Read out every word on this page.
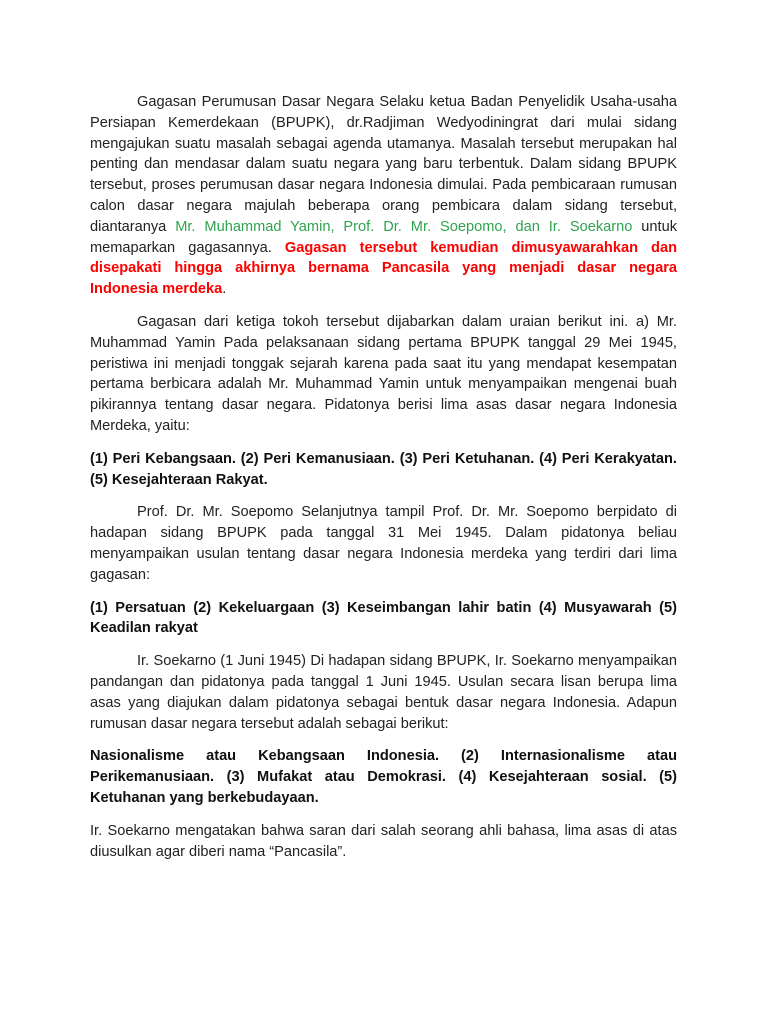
Gagasan Perumusan Dasar Negara Selaku ketua Badan Penyelidik Usaha-usaha Persiapan Kemerdekaan (BPUPK), dr.Radjiman Wedyodiningrat dari mulai sidang mengajukan suatu masalah sebagai agenda utamanya. Masalah tersebut merupakan hal penting dan mendasar dalam suatu negara yang baru terbentuk. Dalam sidang BPUPK tersebut, proses perumusan dasar negara Indonesia dimulai. Pada pembicaraan rumusan calon dasar negara majulah beberapa orang pembicara dalam sidang tersebut, diantaranya Mr. Muhammad Yamin, Prof. Dr. Mr. Soepomo, dan Ir. Soekarno untuk memaparkan gagasannya. Gagasan tersebut kemudian dimusyawarahkan dan disepakati hingga akhirnya bernama Pancasila yang menjadi dasar negara Indonesia merdeka.

Gagasan dari ketiga tokoh tersebut dijabarkan dalam uraian berikut ini. a) Mr. Muhammad Yamin Pada pelaksanaan sidang pertama BPUPK tanggal 29 Mei 1945, peristiwa ini menjadi tonggak sejarah karena pada saat itu yang mendapat kesempatan pertama berbicara adalah Mr. Muhammad Yamin untuk menyampaikan mengenai buah pikirannya tentang dasar negara. Pidatonya berisi lima asas dasar negara Indonesia Merdeka, yaitu:

(1) Peri Kebangsaan. (2) Peri Kemanusiaan. (3) Peri Ketuhanan. (4) Peri Kerakyatan. (5) Kesejahteraan Rakyat.

Prof. Dr. Mr. Soepomo Selanjutnya tampil Prof. Dr. Mr. Soepomo berpidato di hadapan sidang BPUPK pada tanggal 31 Mei 1945. Dalam pidatonya beliau menyampaikan usulan tentang dasar negara Indonesia merdeka yang terdiri dari lima gagasan:

(1) Persatuan (2) Kekeluargaan (3) Keseimbangan lahir batin (4) Musyawarah (5) Keadilan rakyat

Ir. Soekarno (1 Juni 1945) Di hadapan sidang BPUPK, Ir. Soekarno menyampaikan pandangan dan pidatonya pada tanggal 1 Juni 1945. Usulan secara lisan berupa lima asas yang diajukan dalam pidatonya sebagai bentuk dasar negara Indonesia. Adapun rumusan dasar negara tersebut adalah sebagai berikut:

Nasionalisme atau Kebangsaan Indonesia. (2) Internasionalisme atau Perikemanusiaan. (3) Mufakat atau Demokrasi. (4) Kesejahteraan sosial. (5) Ketuhanan yang berkebudayaan.

Ir. Soekarno mengatakan bahwa saran dari salah seorang ahli bahasa, lima asas di atas diusulkan agar diberi nama “Pancasila”.
